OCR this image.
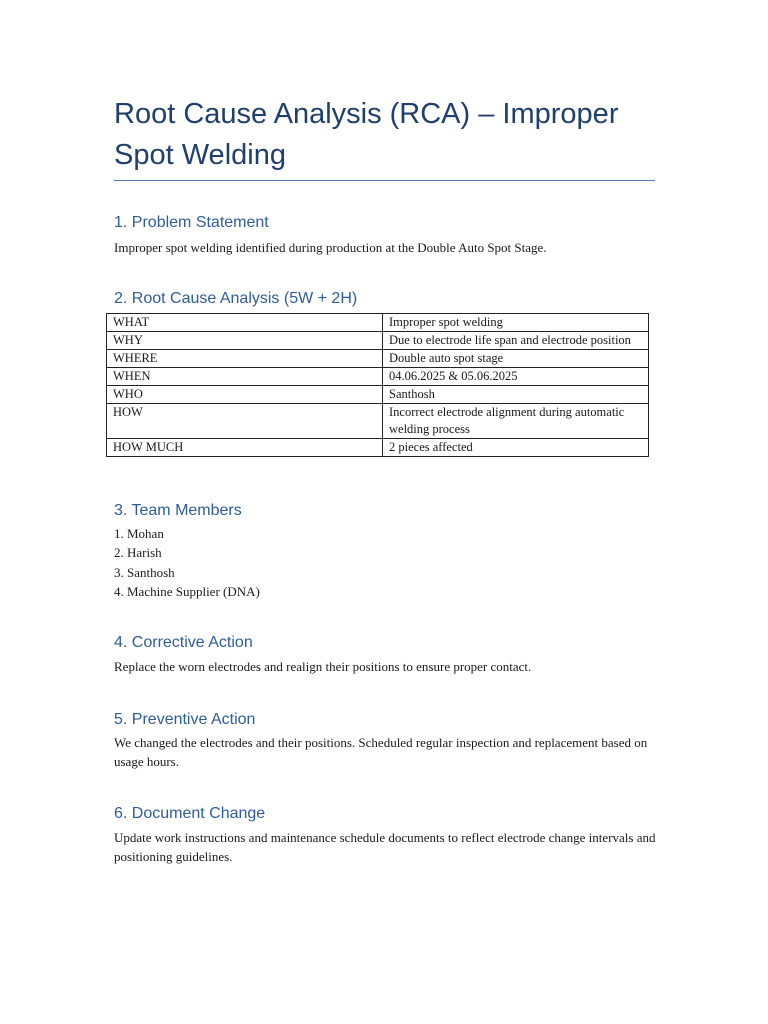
Root Cause Analysis (RCA) – Improper Spot Welding
1. Problem Statement

Improper spot welding identified during production at the Double Auto Spot Stage.

2. Root Cause Analysis (5W + 2H)
WHAT	Improper spot welding
WHY	Due to electrode life span and electrode position
WHERE	Double auto spot stage
WHEN	04.06.2025 & 05.06.2025
WHO	Santhosh
HOW	Incorrect electrode alignment during automatic welding process
HOW MUCH	2 pieces affected
3. Team Members
1. Mohan
2. Harish
3. Santhosh
4. Machine Supplier (DNA)
4. Corrective Action

Replace the worn electrodes and realign their positions to ensure proper contact.

5. Preventive Action

We changed the electrodes and their positions. Scheduled regular inspection and replacement based on usage hours.

6. Document Change

Update work instructions and maintenance schedule documents to reflect electrode change intervals and positioning guidelines.
